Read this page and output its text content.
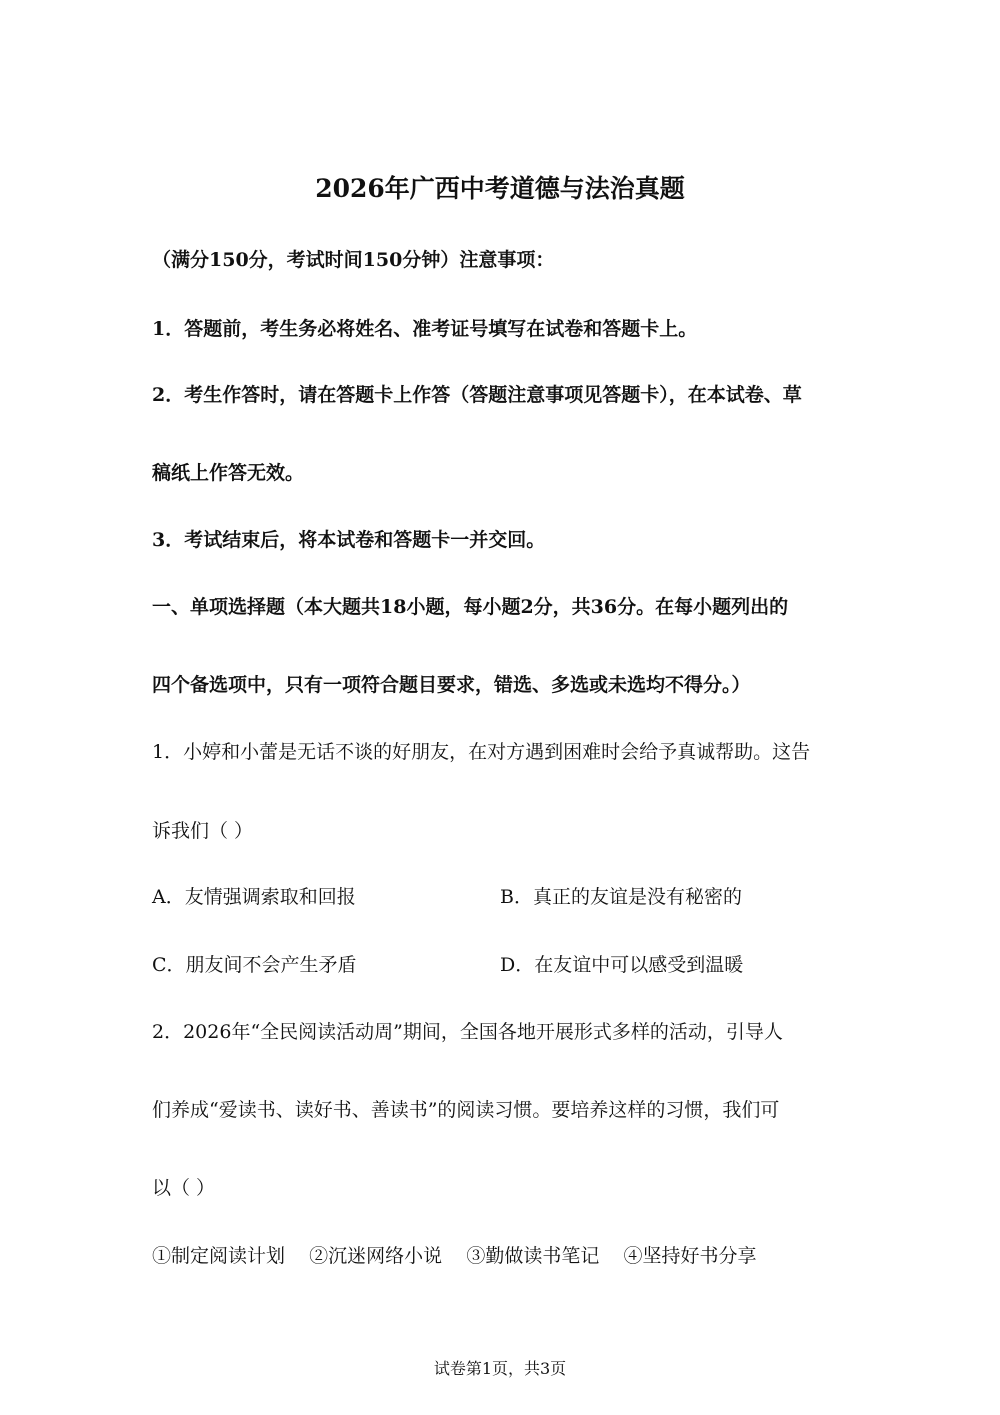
2026年广西中考道德与法治真题
（满分150分，考试时间150分钟）注意事项：
1．答题前，考生务必将姓名、准考证号填写在试卷和答题卡上。
2．考生作答时，请在答题卡上作答（答题注意事项见答题卡），在本试卷、草
稿纸上作答无效。
3．考试结束后，将本试卷和答题卡一并交回。
一、单项选择题（本大题共18小题，每小题2分，共36分。在每小题列出的
四个备选项中，只有一项符合题目要求，错选、多选或未选均不得分。）
1．小婷和小蕾是无话不谈的好朋友，在对方遇到困难时会给予真诚帮助。这告
诉我们（ ）
A．友情强调索取和回报	B．真正的友谊是没有秘密的
C．朋友间不会产生矛盾	D．在友谊中可以感受到温暖
2．2026年“全民阅读活动周”期间，全国各地开展形式多样的活动，引导人
们养成“爱读书、读好书、善读书”的阅读习惯。要培养这样的习惯，我们可
以（ ）
①制定阅读计划    ②沉迷网络小说    ③勤做读书笔记    ④坚持好书分享
试卷第1页，共3页
